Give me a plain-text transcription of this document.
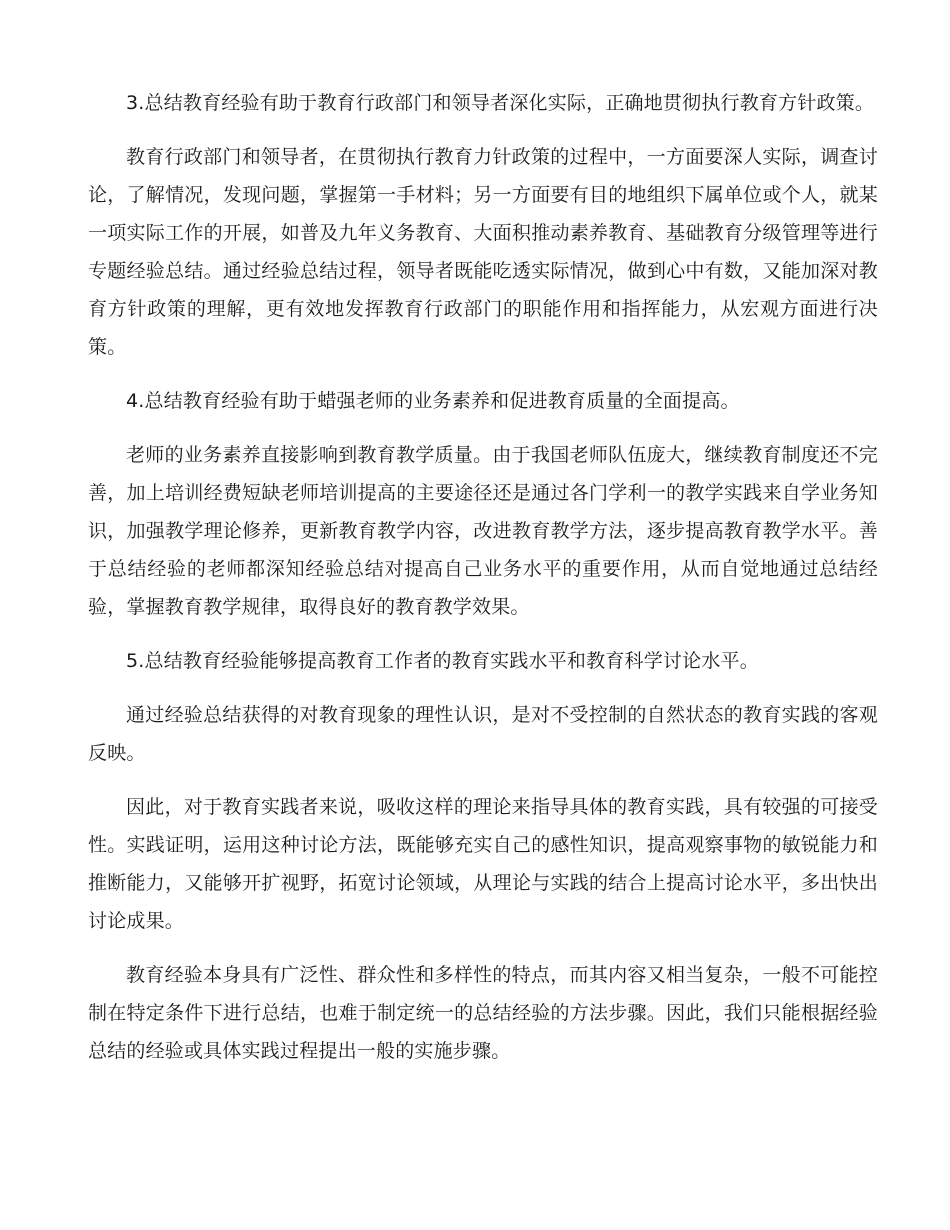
3.总结教育经验有助于教育行政部门和领导者深化实际，正确地贯彻执行教育方针政策。

教育行政部门和领导者，在贯彻执行教育力针政策的过程中，一方面要深人实际，调查讨论，了解情况，发现问题，掌握第一手材料；另一方面要有目的地组织下属单位或个人，就某一项实际工作的开展，如普及九年义务教育、大面积推动素养教育、基础教育分级管理等进行专题经验总结。通过经验总结过程，领导者既能吃透实际情况，做到心中有数，又能加深对教育方针政策的理解，更有效地发挥教育行政部门的职能作用和指挥能力，从宏观方面进行决策。

4.总结教育经验有助于蜡强老师的业务素养和促进教育质量的全面提高。

老师的业务素养直接影响到教育教学质量。由于我国老师队伍庞大，继续教育制度还不完善，加上培训经费短缺老师培训提高的主要途径还是通过各门学利一的教学实践来自学业务知识，加强教学理论修养，更新教育教学内容，改进教育教学方法，逐步提高教育教学水平。善于总结经验的老师都深知经验总结对提高自己业务水平的重要作用，从而自觉地通过总结经验，掌握教育教学规律，取得良好的教育教学效果。

5.总结教育经验能够提高教育工作者的教育实践水平和教育科学讨论水平。

通过经验总结获得的对教育现象的理性认识，是对不受控制的自然状态的教育实践的客观反映。

因此，对于教育实践者来说，吸收这样的理论来指导具体的教育实践，具有较强的可接受性。实践证明，运用这种讨论方法，既能够充实自己的感性知识，提高观察事物的敏锐能力和推断能力，又能够开扩视野，拓宽讨论领域，从理论与实践的结合上提高讨论水平，多出快出讨论成果。

教育经验本身具有广泛性、群众性和多样性的特点，而其内容又相当复杂，一般不可能控制在特定条件下进行总结，也难于制定统一的总结经验的方法步骤。因此，我们只能根据经验总结的经验或具体实践过程提出一般的实施步骤。
